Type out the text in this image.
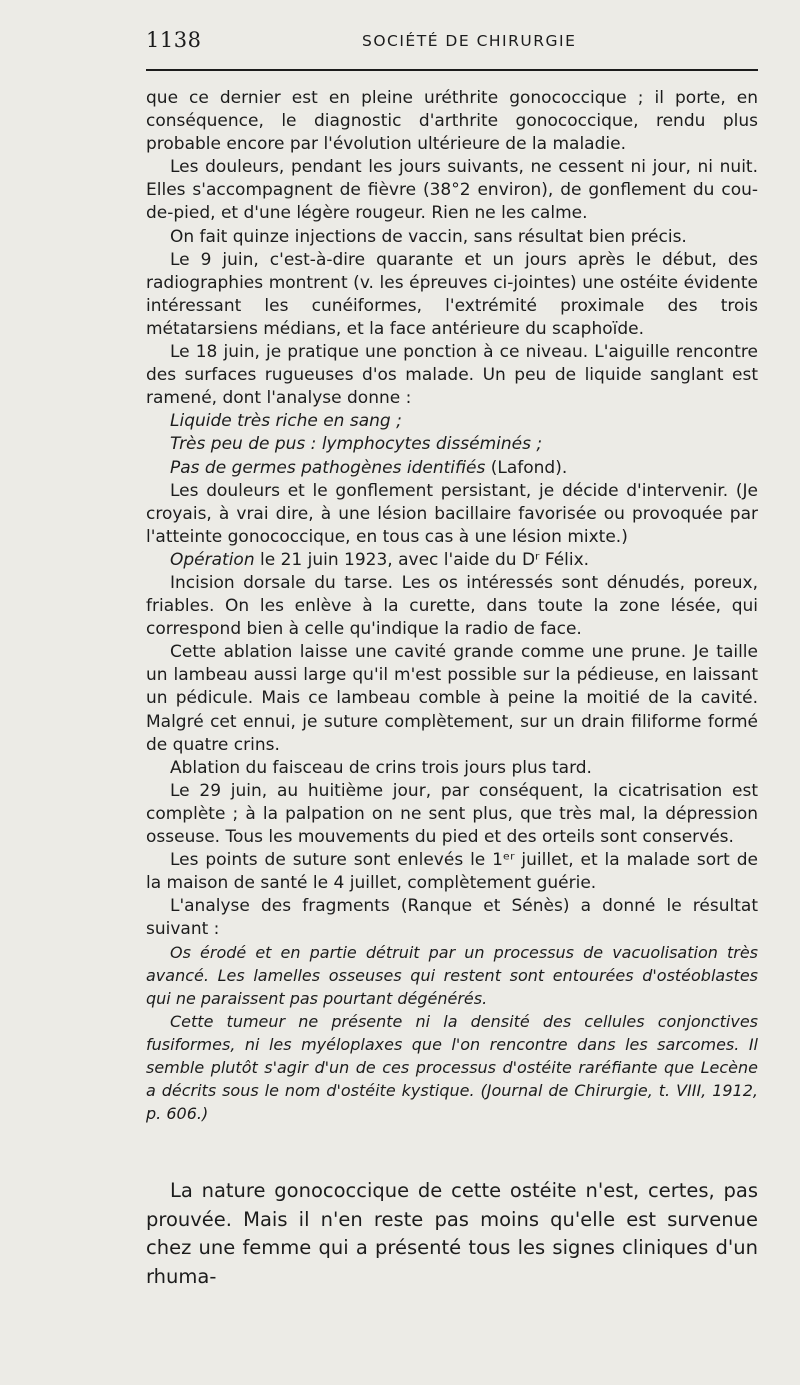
1138	SOCIÉTÉ DE CHIRURGIE

que ce dernier est en pleine uréthrite gonococcique ; il porte, en conséquence, le diagnostic d'arthrite gonococcique, rendu plus probable encore par l'évolution ultérieure de la maladie.

Les douleurs, pendant les jours suivants, ne cessent ni jour, ni nuit. Elles s'accompagnent de fièvre (38°2 environ), de gonflement du cou-de-pied, et d'une légère rougeur. Rien ne les calme.

On fait quinze injections de vaccin, sans résultat bien précis.

Le 9 juin, c'est-à-dire quarante et un jours après le début, des radiographies montrent (v. les épreuves ci-jointes) une ostéite évidente intéressant les cunéiformes, l'extrémité proximale des trois métatarsiens médians, et la face antérieure du scaphoïde.

Le 18 juin, je pratique une ponction à ce niveau. L'aiguille rencontre des surfaces rugueuses d'os malade. Un peu de liquide sanglant est ramené, dont l'analyse donne :

Liquide très riche en sang ;

Très peu de pus : lymphocytes disséminés ;

Pas de germes pathogènes identifiés (Lafond).

Les douleurs et le gonflement persistant, je décide d'intervenir. (Je croyais, à vrai dire, à une lésion bacillaire favorisée ou provoquée par l'atteinte gonococcique, en tous cas à une lésion mixte.)

Opération le 21 juin 1923, avec l'aide du Dʳ Félix.

Incision dorsale du tarse. Les os intéressés sont dénudés, poreux, friables. On les enlève à la curette, dans toute la zone lésée, qui correspond bien à celle qu'indique la radio de face.

Cette ablation laisse une cavité grande comme une prune. Je taille un lambeau aussi large qu'il m'est possible sur la pédieuse, en laissant un pédicule. Mais ce lambeau comble à peine la moitié de la cavité. Malgré cet ennui, je suture complètement, sur un drain filiforme formé de quatre crins.

Ablation du faisceau de crins trois jours plus tard.

Le 29 juin, au huitième jour, par conséquent, la cicatrisation est complète ; à la palpation on ne sent plus, que très mal, la dépression osseuse. Tous les mouvements du pied et des orteils sont conservés.

Les points de suture sont enlevés le 1ᵉʳ juillet, et la malade sort de la maison de santé le 4 juillet, complètement guérie.

L'analyse des fragments (Ranque et Sénès) a donné le résultat suivant :

Os érodé et en partie détruit par un processus de vacuolisation très avancé. Les lamelles osseuses qui restent sont entourées d'ostéoblastes qui ne paraissent pas pourtant dégénérés.

Cette tumeur ne présente ni la densité des cellules conjonctives fusiformes, ni les myéloplaxes que l'on rencontre dans les sarcomes. Il semble plutôt s'agir d'un de ces processus d'ostéite raréfiante que Lecène a décrits sous le nom d'ostéite kystique. (Journal de Chirurgie, t. VIII, 1912, p. 606.)

La nature gonococcique de cette ostéite n'est, certes, pas prouvée. Mais il n'en reste pas moins qu'elle est survenue chez une femme qui a présenté tous les signes cliniques d'un rhuma-
